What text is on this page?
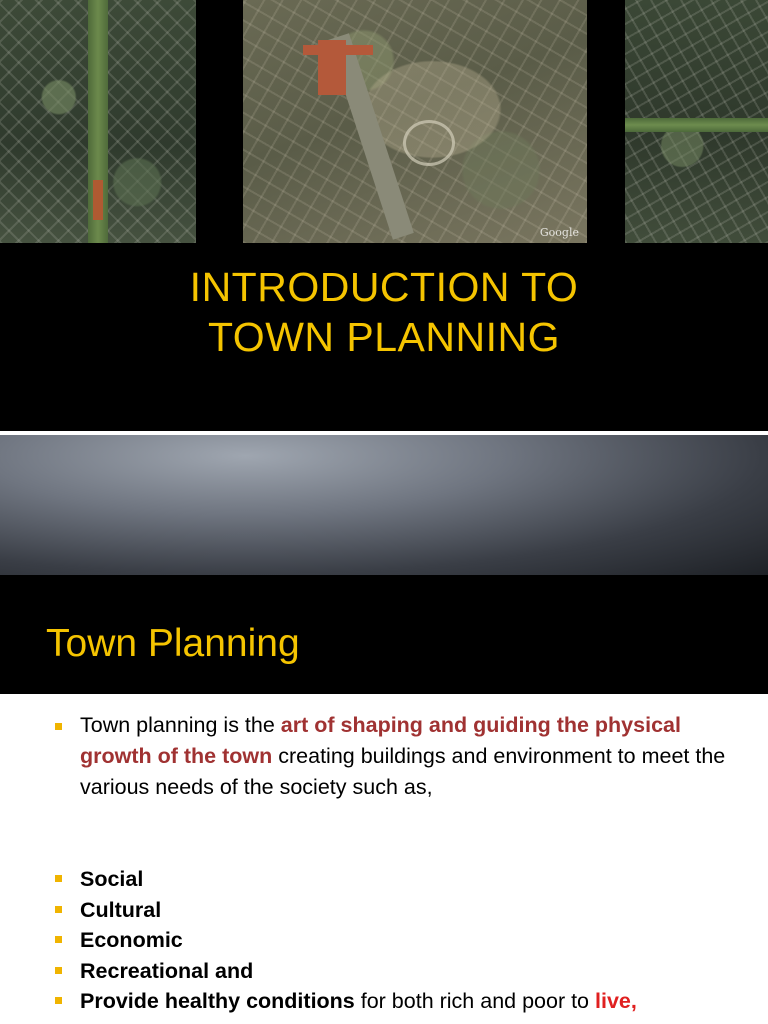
Google
INTRODUCTION TO
TOWN PLANNING
Town Planning
Town planning is the art of shaping and guiding the physical growth of the town creating buildings and environment to meet the various needs of the society such as,
Social
Cultural
Economic
Recreational and
Provide healthy conditions for both rich and poor to live,
